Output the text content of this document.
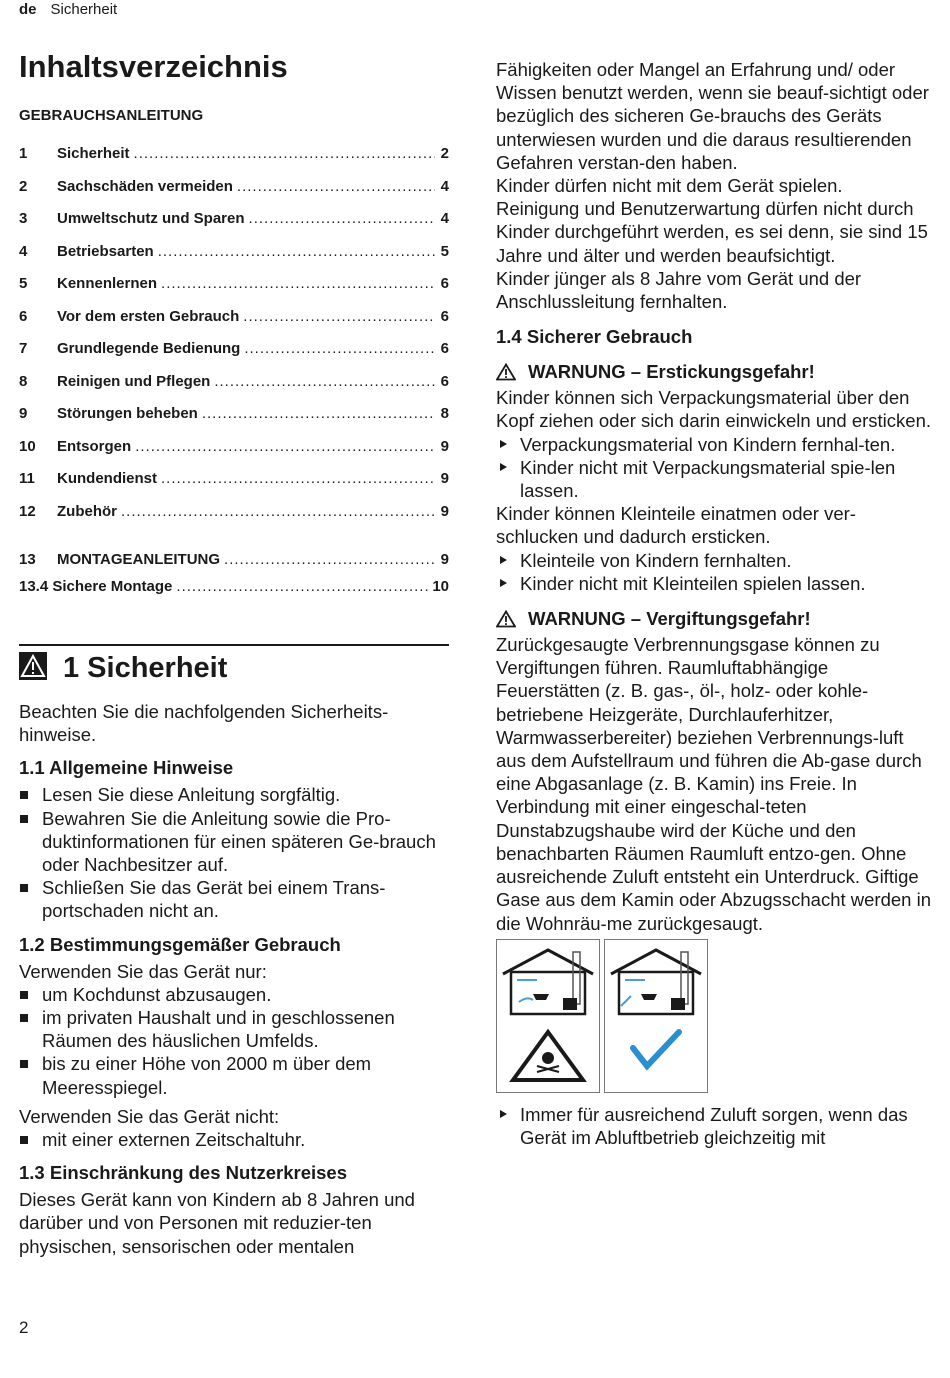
de Sicherheit
Inhaltsverzeichnis
GEBRAUCHSANLEITUNG
1	Sicherheit .....	2
2	Sachschäden vermeiden .....	4
3	Umweltschutz und Sparen .....	4
4	Betriebsarten .....	5
5	Kennenlernen .....	6
6	Vor dem ersten Gebrauch .....	6
7	Grundlegende Bedienung .....	6
8	Reinigen und Pflegen .....	6
9	Störungen beheben .....	8
10	Entsorgen .....	9
11	Kundendienst .....	9
12	Zubehör .....	9
13	MONTAGEANLEITUNG .....	9
13.4 Sichere Montage .....	10
1 Sicherheit

Beachten Sie die nachfolgenden Sicherheits-hinweise.

1.1 Allgemeine Hinweise
Lesen Sie diese Anleitung sorgfältig.
Bewahren Sie die Anleitung sowie die Pro-duktinformationen für einen späteren Ge-brauch oder Nachbesitzer auf.
Schließen Sie das Gerät bei einem Trans-portschaden nicht an.
1.2 Bestimmungsgemäßer Gebrauch

Verwenden Sie das Gerät nur:

um Kochdunst abzusaugen.
im privaten Haushalt und in geschlossenen Räumen des häuslichen Umfelds.
bis zu einer Höhe von 2000 m über dem Meeresspiegel.

Verwenden Sie das Gerät nicht:

mit einer externen Zeitschaltuhr.
1.3 Einschränkung des Nutzerkreises

Dieses Gerät kann von Kindern ab 8 Jahren und darüber und von Personen mit reduzier-ten physischen, sensorischen oder mentalen

Fähigkeiten oder Mangel an Erfahrung und/ oder Wissen benutzt werden, wenn sie beauf-sichtigt oder bezüglich des sicheren Ge-brauchs des Geräts unterwiesen wurden und die daraus resultierenden Gefahren verstan-den haben.

Kinder dürfen nicht mit dem Gerät spielen.

Reinigung und Benutzerwartung dürfen nicht durch Kinder durchgeführt werden, es sei denn, sie sind 15 Jahre und älter und werden beaufsichtigt.

Kinder jünger als 8 Jahre vom Gerät und der Anschlussleitung fernhalten.

1.4 Sicherer Gebrauch
WARNUNG – Erstickungsgefahr!

Kinder können sich Verpackungsmaterial über den Kopf ziehen oder sich darin einwickeln und ersticken.

Verpackungsmaterial von Kindern fernhal-ten.
Kinder nicht mit Verpackungsmaterial spie-len lassen.

Kinder können Kleinteile einatmen oder ver-schlucken und dadurch ersticken.

Kleinteile von Kindern fernhalten.
Kinder nicht mit Kleinteilen spielen lassen.
WARNUNG – Vergiftungsgefahr!

Zurückgesaugte Verbrennungsgase können zu Vergiftungen führen. Raumluftabhängige Feuerstätten (z. B. gas-, öl-, holz- oder kohle-betriebene Heizgeräte, Durchlauferhitzer, Warmwasserbereiter) beziehen Verbrennungs-luft aus dem Aufstellraum und führen die Ab-gase durch eine Abgasanlage (z. B. Kamin) ins Freie. In Verbindung mit einer eingeschal-teten Dunstabzugshaube wird der Küche und den benachbarten Räumen Raumluft entzo-gen. Ohne ausreichende Zuluft entsteht ein Unterdruck. Giftige Gase aus dem Kamin oder Abzugsschacht werden in die Wohnräu-me zurückgesaugt.

Immer für ausreichend Zuluft sorgen, wenn das Gerät im Abluftbetrieb gleichzeitig mit
2
